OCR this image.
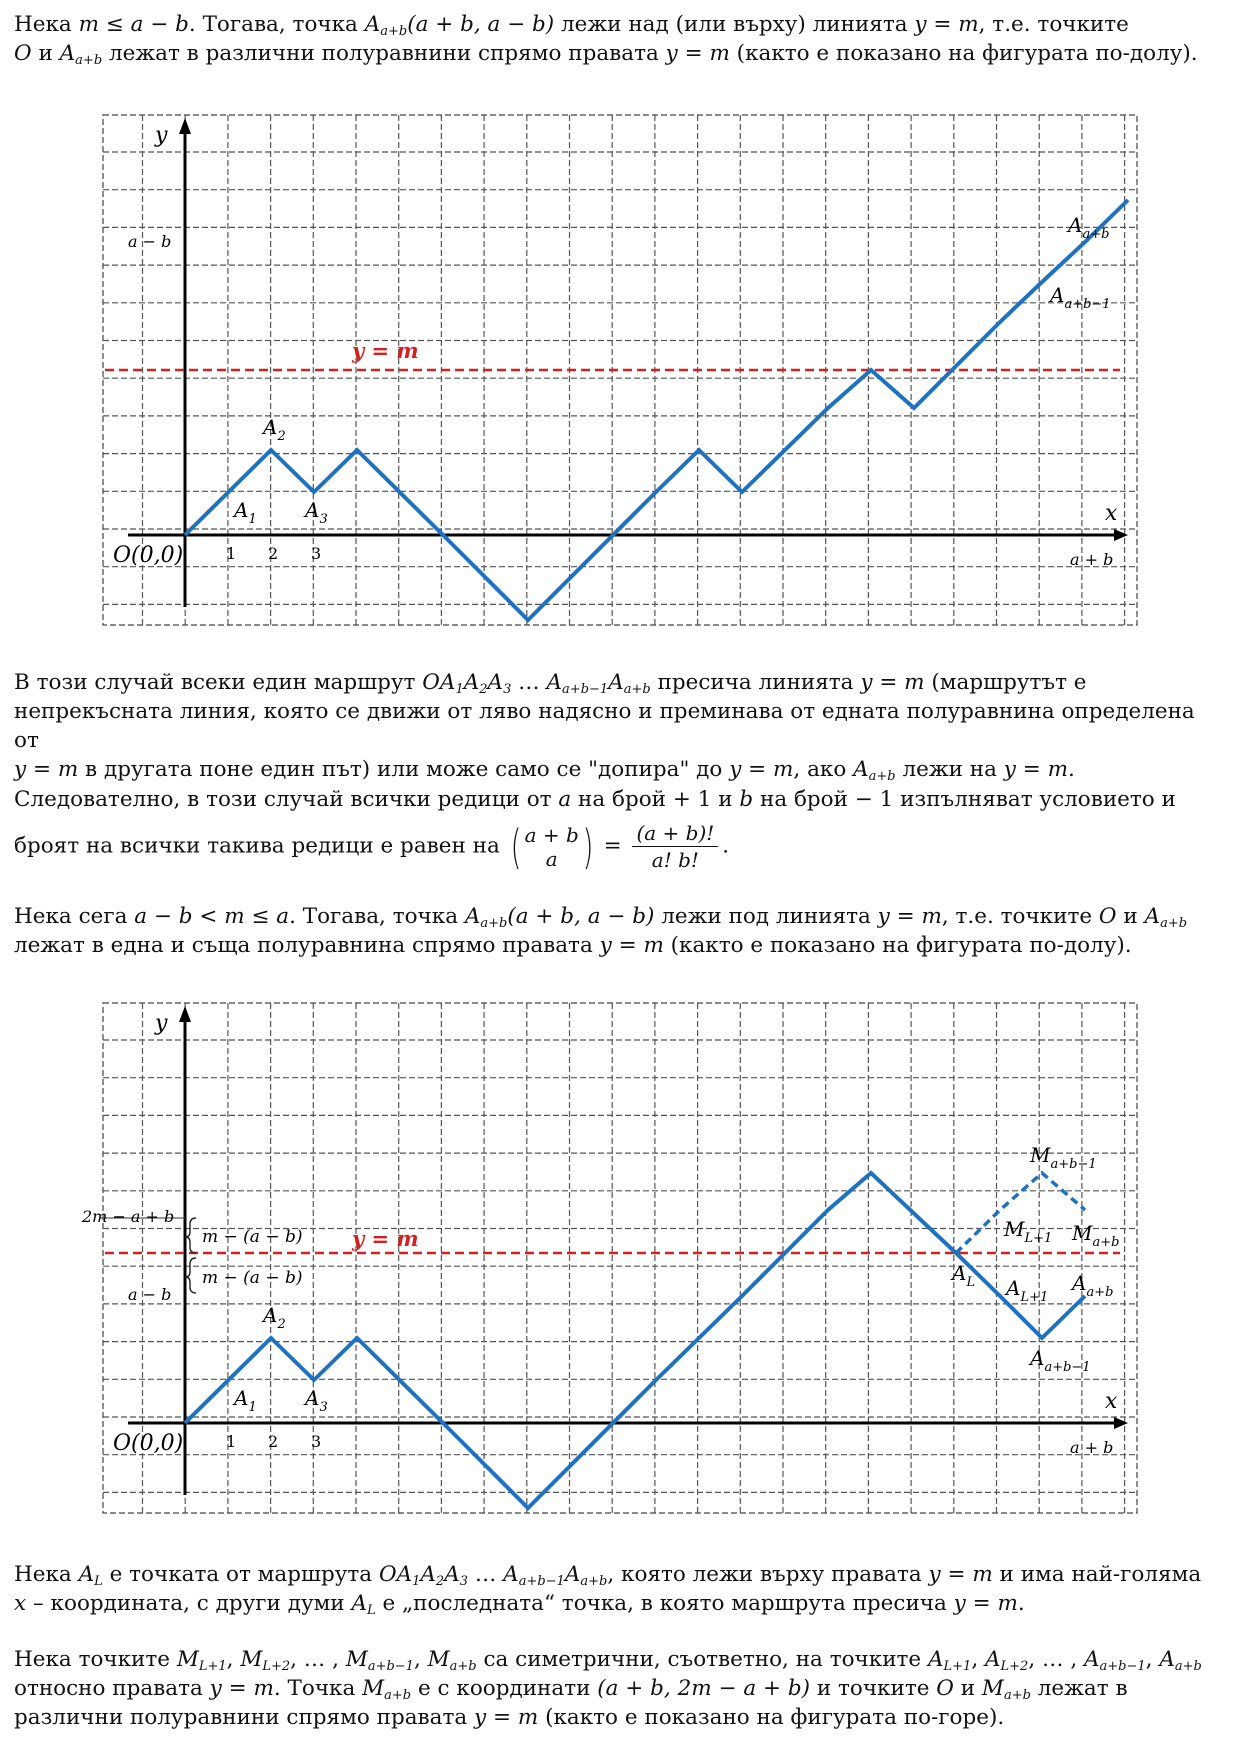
Нека m ≤ a − b. Тогава, точка $A_{a+b}(a + b$, a − b) лежи над (или върху) линията y = m, т.е. точките
O и $A_{a+b}$ лежат в различни полуравнини спрямо правата y = m (както е показано на фигурата по-долу).
y
x
O(0,0)	1 2 3
a − b
a + b
y = m
$A_1$
$A_2$
$A_3$
$A_{a+b}$
$A_{a+b-1}$
В този случай всеки един маршрут $OA_1A_2A_3$ … $A_{a+b-1}A_{a+b}$ пресича линията y = m (маршрутът е
непрекъсната линия, която се движи от ляво надясно и преминава от едната полуравнина определена от
y = m в другата поне един път) или може само се "допира" до y = m, ако $A_{a+b}$ лежи на y = m.
Следователно, в този случай всички редици от a на брой + 1 и b на брой − 1 изпълняват условието и
броят на всички такива редици е равен на ( a + b
a ) = $\frac{(a + b)!}{a! b!}$ .
Нека сега a − b < m ≤ a. Тогава, точка $A_{a+b}(a + b$, a − b) лежи под линията y = m, т.е. точките O и $A_{a+b}$
лежат в една и съща полуравнина спрямо правата y = m (както е показано на фигурата по-долу).
y
x
O(0,0)	1 2 3
a − b
2m − a + b
m − (a − b)
m − (a − b)
a + b
y = m
$A_1$
$A_2$
$A_3$
$A_L$ $A_{L+1}$
$A_{a+b}$
$A_{a+b-1}$
$M_{L+1}$
$M_{a+b-1}$
$M_{a+b}$
Нека $A_L$ е точката от маршрута $OA_1A_2A_3$ … $A_{a+b-1}A_{a+b}$, която лежи върху правата y = m и има най-голяма
x – координата, с други думи $A_L$ е „последната“ точка, в която маршрута пресича y = m.
Нека точките $M_{L+1}$, $M_{L+2}$, … , $M_{a+b-1}$, $M_{a+b}$ са симетрични, съответно, на точките $A_{L+1}$, $A_{L+2}$, … , $A_{a+b-1}$, $A_{a+b}$
относно правата y = m. Точка $M_{a+b}$ е с координати (a + b, 2m − a + b) и точките O и $M_{a+b}$ лежат в
различни полуравнини спрямо правата y = m (както е показано на фигурата по-горе).
